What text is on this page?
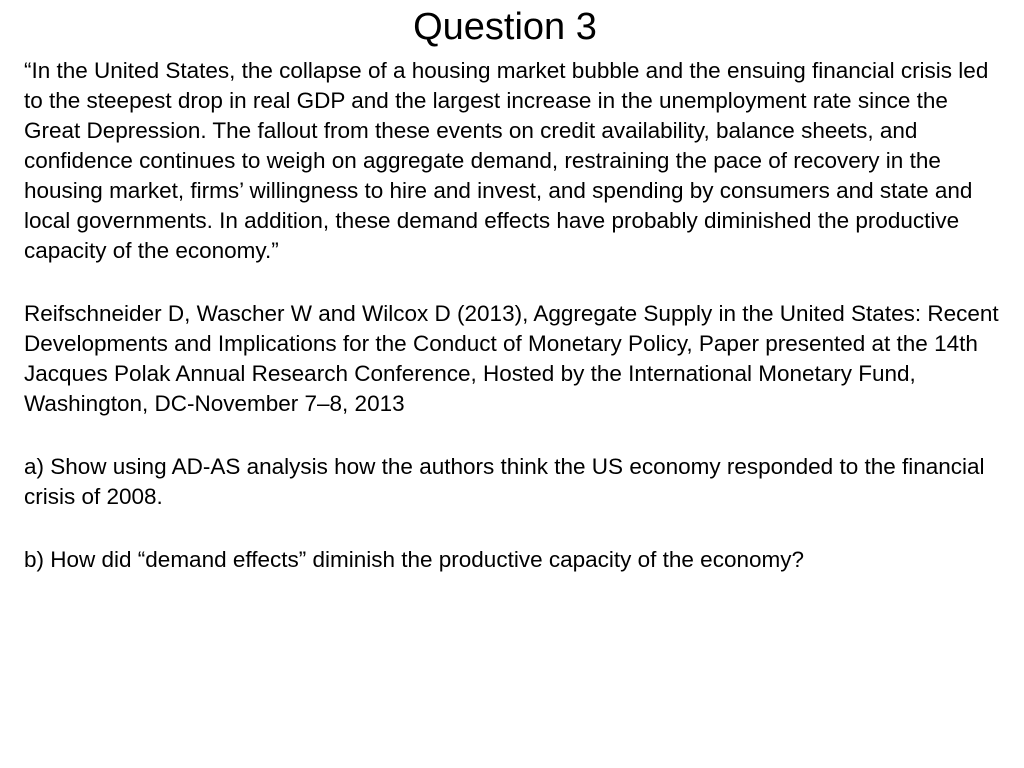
Question 3

“In the United States, the collapse of a housing market bubble and the ensuing financial crisis led to the steepest drop in real GDP and the largest increase in the unemployment rate since the Great Depression. The fallout from these events on credit availability, balance sheets, and confidence continues to weigh on aggregate demand, restraining the pace of recovery in the housing market, firms’ willingness to hire and invest, and spending by consumers and state and local governments. In addition, these demand effects have probably diminished the productive capacity of the economy.”

Reifschneider D, Wascher W and Wilcox D (2013), Aggregate Supply in the United States: Recent Developments and Implications for the Conduct of Monetary Policy, Paper presented at the 14th Jacques Polak Annual Research Conference, Hosted by the International Monetary Fund, Washington, DC-November 7–8, 2013

a) Show using AD-AS analysis how the authors think the US economy responded to the financial crisis of 2008.

b) How did “demand effects” diminish the productive capacity of the economy?
